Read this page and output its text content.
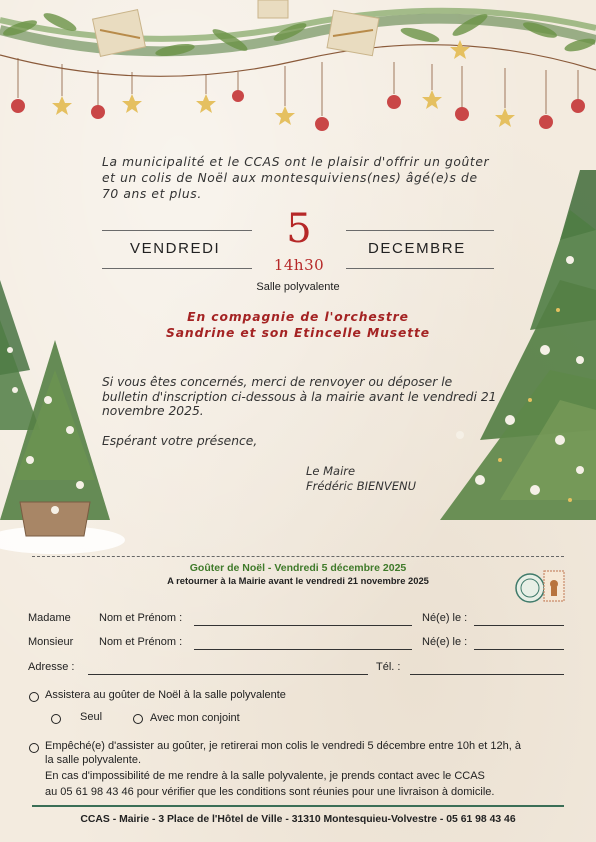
La municipalité et le CCAS ont le plaisir d'offrir un goûter et un colis de Noël aux montesquiviens(nes) âgé(e)s de 70 ans et plus.
VENDREDI 5	DECEMBRE
14h30
Salle polyvalente
En compagnie de l'orchestre
Sandrine et son Etincelle Musette
Si vous êtes concernés, merci de renvoyer ou déposer le bulletin d'inscription ci-dessous à la mairie avant le vendredi 21 novembre 2025.
Espérant votre présence,
Le Maire
Frédéric BIENVENU
Goûter de Noël - Vendredi 5 décembre 2025
A retourner à la Mairie avant le vendredi 21 novembre 2025
Madame	Nom et Prénom :	Né(e) le :
Monsieur Nom et Prénom :	Né(e) le :
Adresse :	Tél. :
Assistera au goûter de Noël à la salle polyvalente
Seul	Avec mon conjoint
Empêché(e) d'assister au goûter, je retirerai mon colis le vendredi 5 décembre entre 10h et 12h, à
la salle polyvalente.
En cas d'impossibilité de me rendre à la salle polyvalente, je prends contact avec le CCAS
au 05 61 98 43 46 pour vérifier que les conditions sont réunies pour une livraison à domicile.
CCAS - Mairie - 3 Place de l'Hôtel de Ville - 31310 Montesquieu-Volvestre - 05 61 98 43 46
